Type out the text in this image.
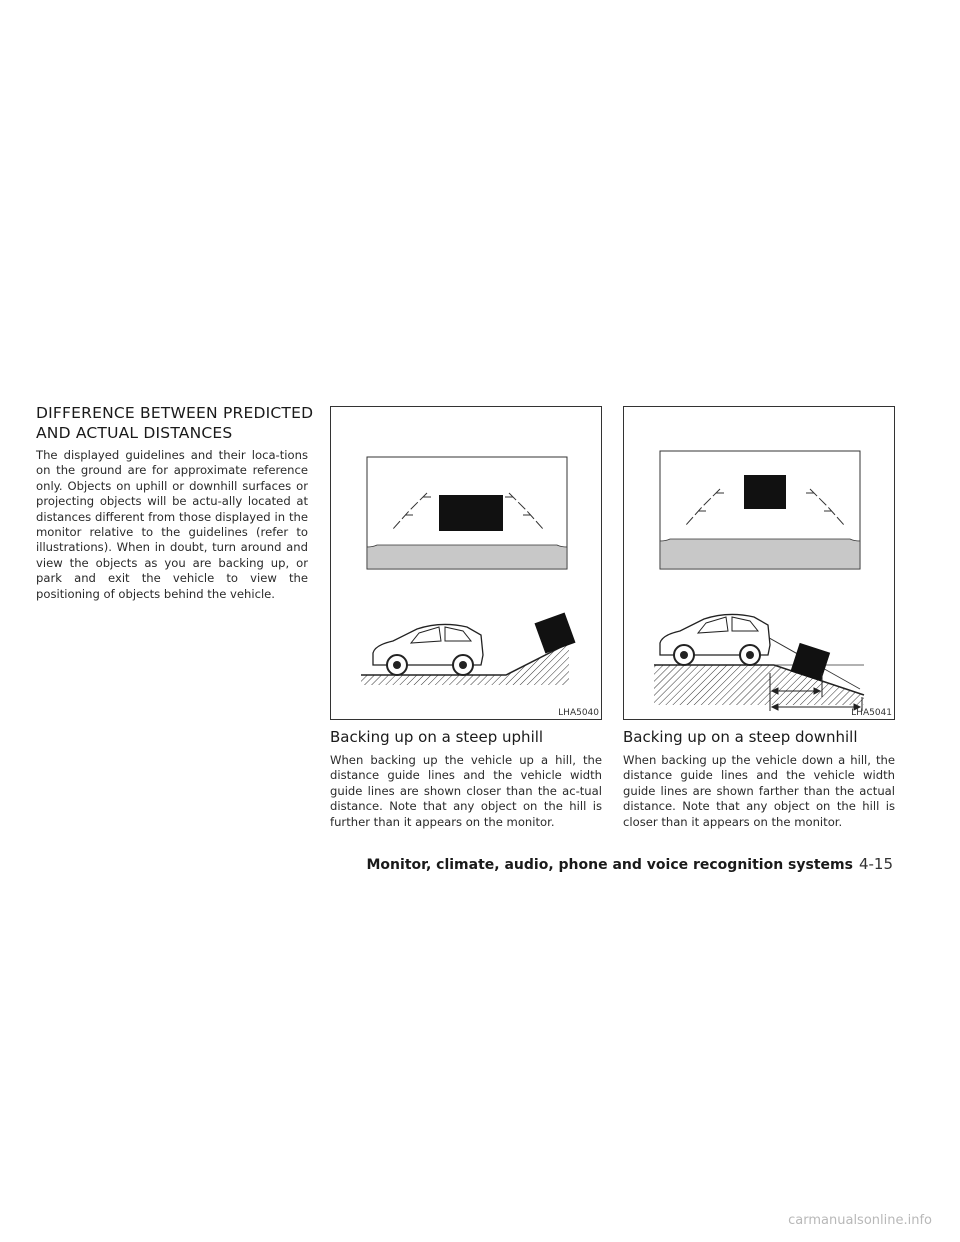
DIFFERENCE BETWEEN PREDICTED
AND ACTUAL DISTANCES

The displayed guidelines and their loca-tions on the ground are for approximate reference only. Objects on uphill or downhill surfaces or projecting objects will be actu-ally located at distances different from those displayed in the monitor relative to the guidelines (refer to illustrations). When in doubt, turn around and view the objects as you are backing up, or park and exit the vehicle to view the positioning of objects behind the vehicle.

LHA5040	LHA5041
Backing up on a steep uphill

When backing up the vehicle up a hill, the distance guide lines and the vehicle width guide lines are shown closer than the ac-tual distance. Note that any object on the hill is further than it appears on the monitor.

Backing up on a steep downhill

When backing up the vehicle down a hill, the distance guide lines and the vehicle width guide lines are shown farther than the actual distance. Note that any object on the hill is closer than it appears on the monitor.

Monitor, climate, audio, phone and voice recognition systems 4-15
carmanualsonline.info
